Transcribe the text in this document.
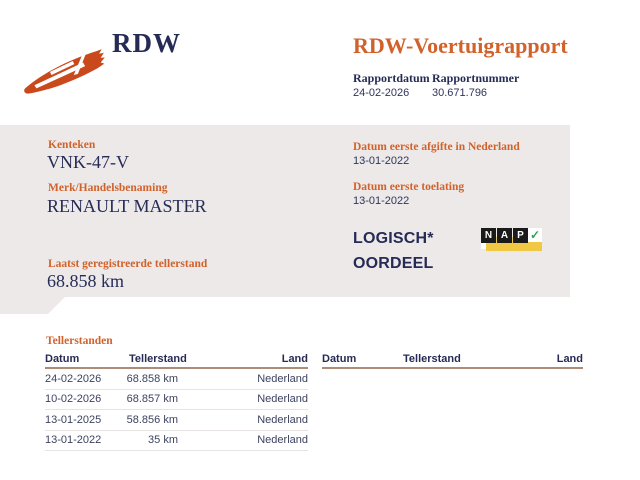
RDW	RDW-Voertuigrapport
Rapportdatum Rapportnummer
24-02-2026 30.671.796
Kenteken
VNK-47-V
Merk/Handelsbenaming
RENAULT MASTER
Datum eerste afgifte in Nederland
13-01-2022
Datum eerste toelating
13-01-2022
LOGISCH*
OORDEEL
N A P ✓
Laatst geregistreerde tellerstand
68.858 km
Tellerstanden
Datum	Tellerstand	Land
24-02-2026	68.858 km	Nederland
10-02-2026	68.857 km	Nederland
13-01-2025	58.856 km	Nederland
13-01-2022	35 km	Nederland
Datum	Tellerstand	Land
